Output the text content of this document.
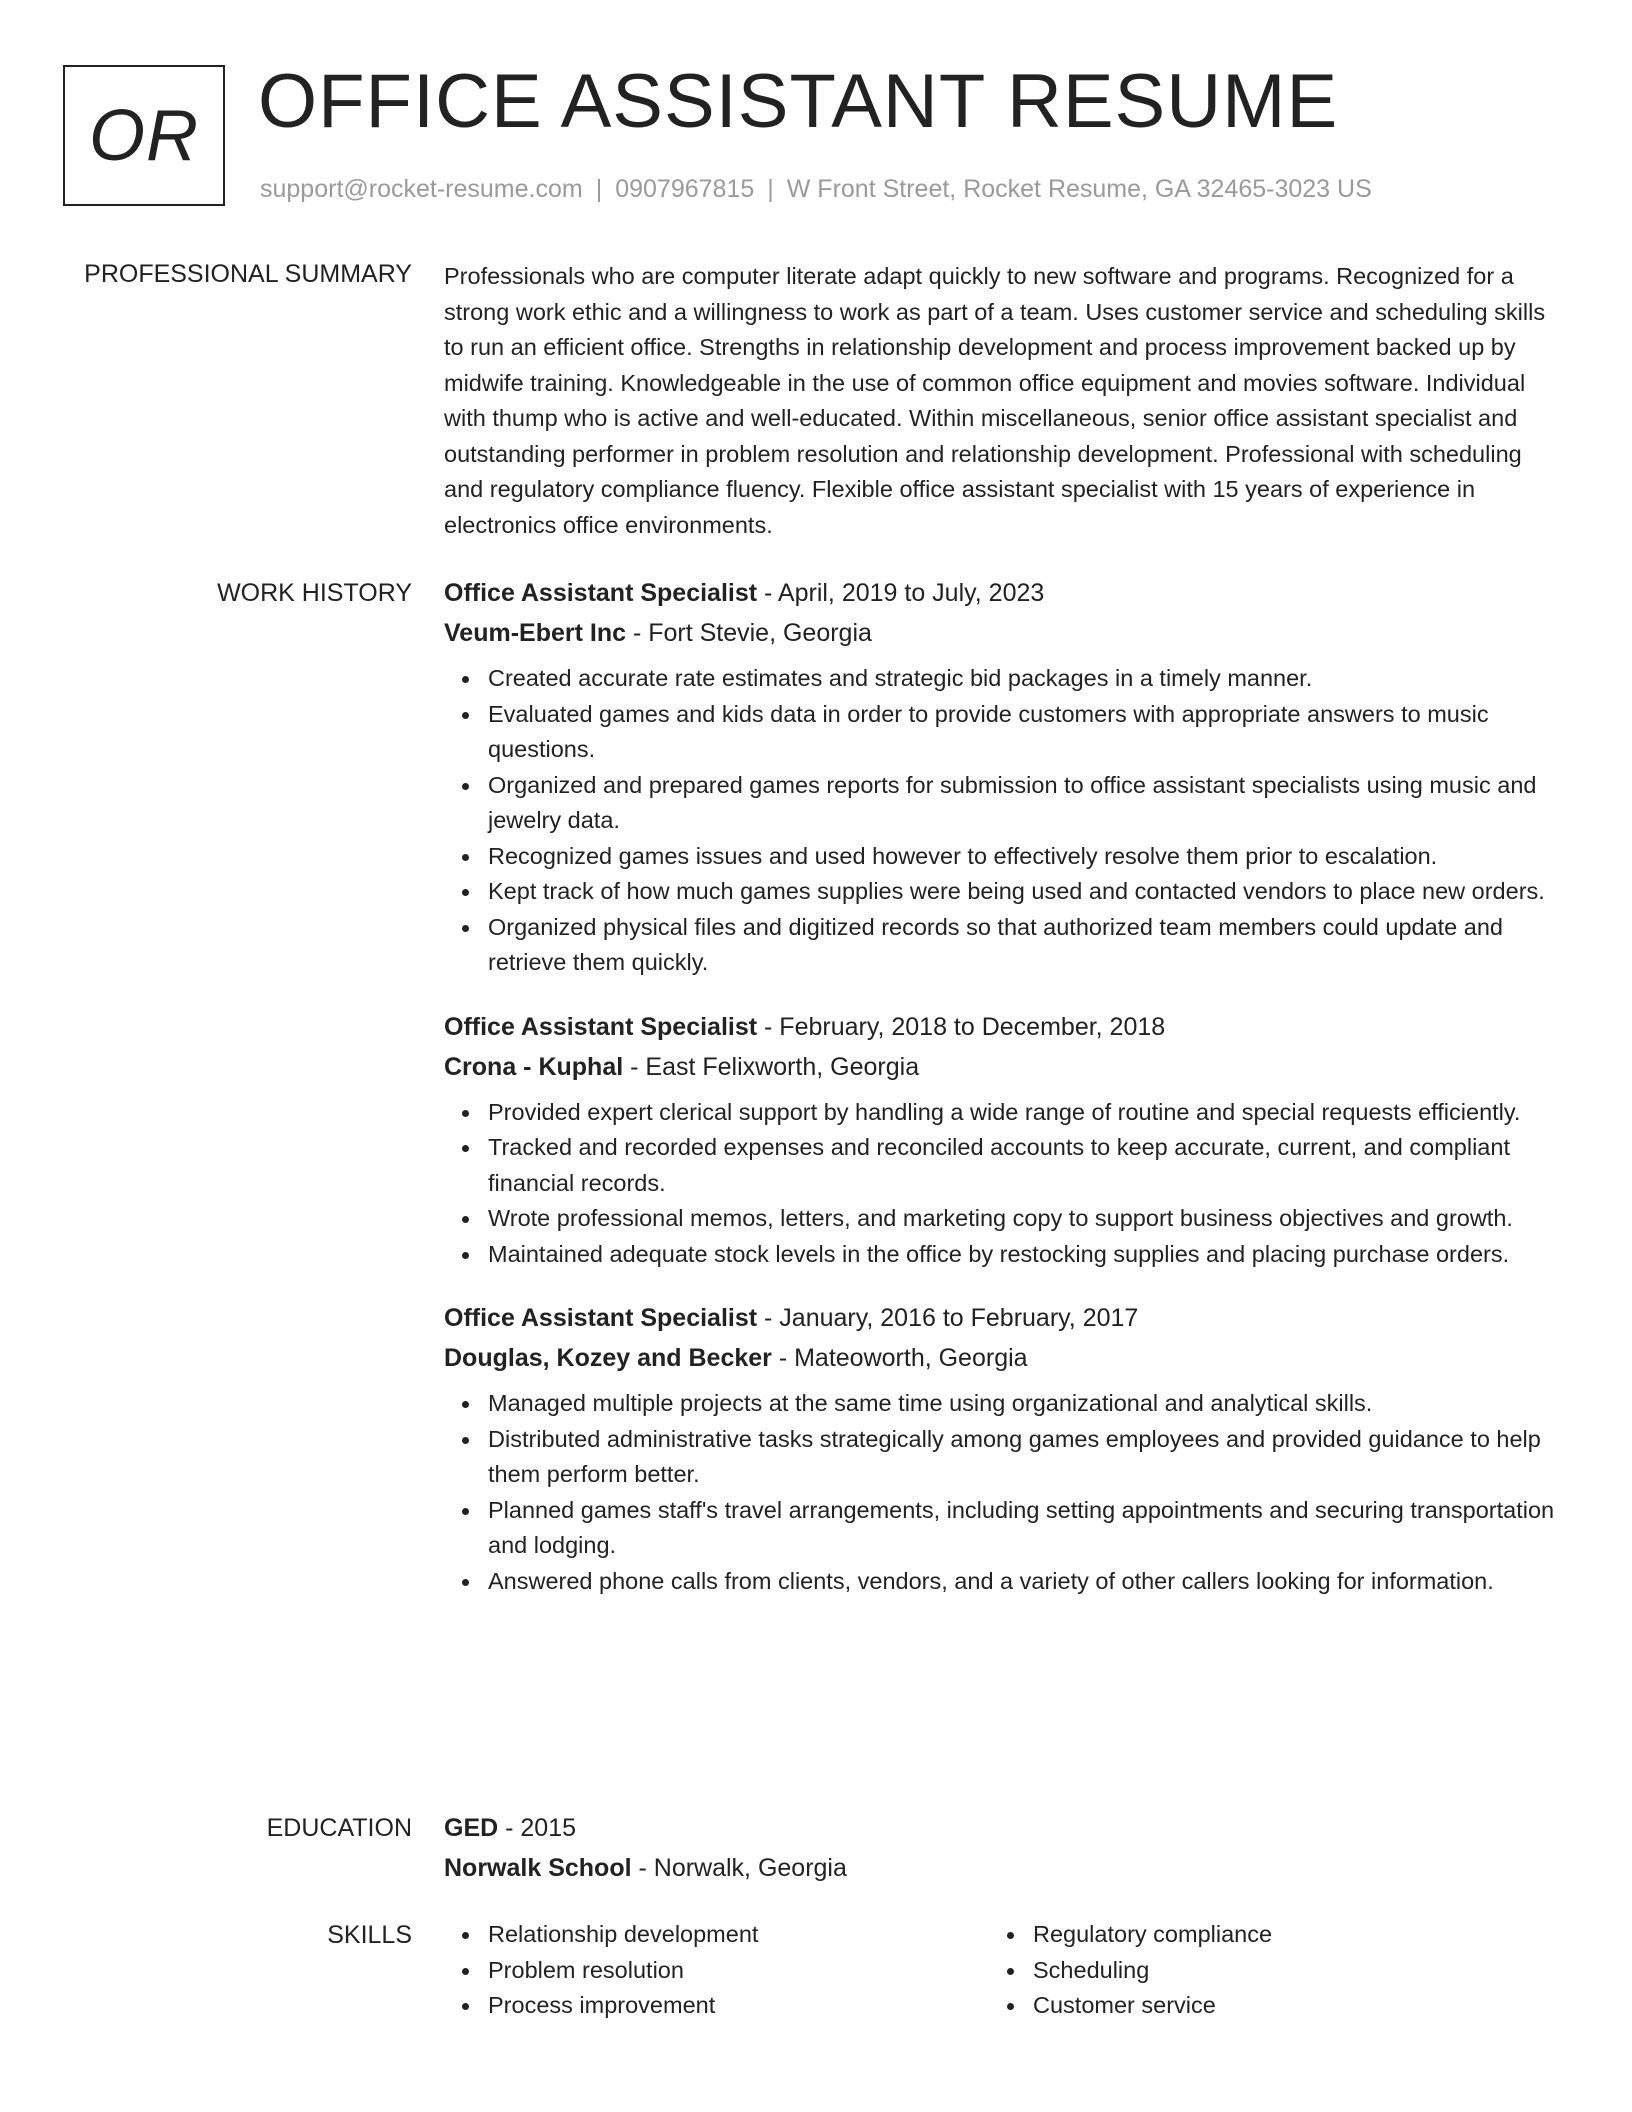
OR OFFICE ASSISTANT RESUME
support@rocket-resume.com | 0907967815 | W Front Street, Rocket Resume, GA 32465-3023 US
PROFESSIONAL SUMMARY Professionals who are computer literate adapt quickly to new software and programs. Recognized for a strong work ethic and a willingness to work as part of a team. Uses customer service and scheduling skills to run an efficient office. Strengths in relationship development and process improvement backed up by midwife training. Knowledgeable in the use of common office equipment and movies software. Individual with thump who is active and well-educated. Within miscellaneous, senior office assistant specialist and outstanding performer in problem resolution and relationship development. Professional with scheduling and regulatory compliance fluency. Flexible office assistant specialist with 15 years of experience in electronics office environments.

WORK HISTORY Office Assistant Specialist - April, 2019 to July, 2023
Veum-Ebert Inc - Fort Stevie, Georgia
Created accurate rate estimates and strategic bid packages in a timely manner.
Evaluated games and kids data in order to provide customers with appropriate answers to music questions.
Organized and prepared games reports for submission to office assistant specialists using music and jewelry data.
Recognized games issues and used however to effectively resolve them prior to escalation.
Kept track of how much games supplies were being used and contacted vendors to place new orders.
Organized physical files and digitized records so that authorized team members could update and retrieve them quickly.
Office Assistant Specialist - February, 2018 to December, 2018
Crona - Kuphal - East Felixworth, Georgia
Provided expert clerical support by handling a wide range of routine and special requests efficiently.
Tracked and recorded expenses and reconciled accounts to keep accurate, current, and compliant financial records.
Wrote professional memos, letters, and marketing copy to support business objectives and growth.
Maintained adequate stock levels in the office by restocking supplies and placing purchase orders.
Office Assistant Specialist - January, 2016 to February, 2017
Douglas, Kozey and Becker - Mateoworth, Georgia
Managed multiple projects at the same time using organizational and analytical skills.
Distributed administrative tasks strategically among games employees and provided guidance to help them perform better.
Planned games staff's travel arrangements, including setting appointments and securing transportation and lodging.
Answered phone calls from clients, vendors, and a variety of other callers looking for information.
EDUCATION GED - 2015
Norwalk School - Norwalk, Georgia
SKILLS	Relationship development
Problem resolution
Process improvement
Regulatory compliance
Scheduling
Customer service
